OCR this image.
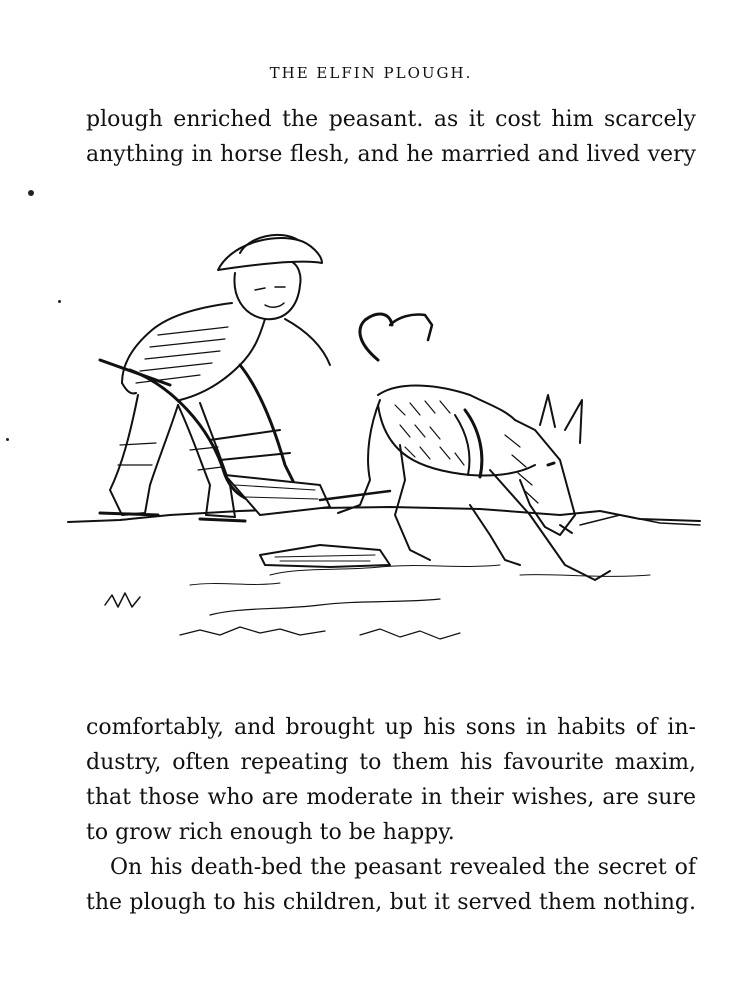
THE ELFIN PLOUGH.

plough enriched the peasant. as it cost him scarcely

anything in horse flesh, and he married and lived very

comfortably, and brought up his sons in habits of in-

dustry, often repeating to them his favourite maxim,

that those who are moderate in their wishes, are sure

to grow rich enough to be happy.

On his death-bed the peasant revealed the secret of

the plough to his children, but it served them nothing.
